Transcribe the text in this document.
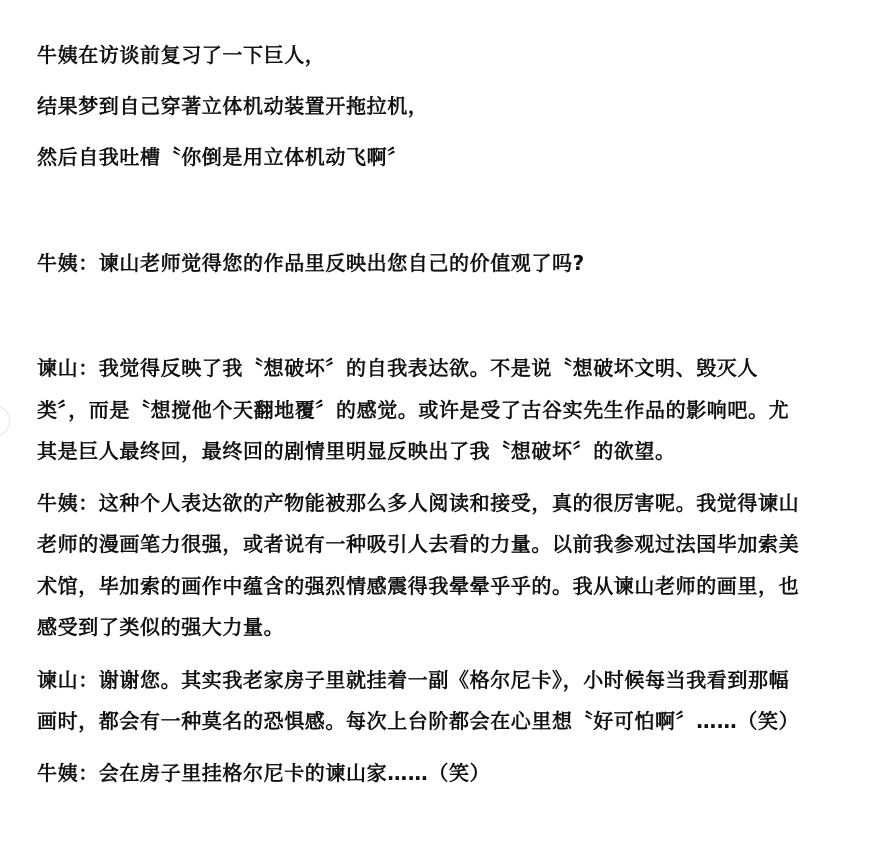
牛姨在访谈前复习了一下巨人，
结果梦到自己穿著立体机动装置开拖拉机，
然后自我吐槽〝你倒是用立体机动飞啊〞
牛姨：谏山老师觉得您的作品里反映出您自己的价值观了吗?
谏山：我觉得反映了我〝想破坏〞的自我表达欲。不是说〝想破坏文明、毁灭人
类〞，而是〝想搅他个天翻地覆〞的感觉。或许是受了古谷实先生作品的影响吧。尤
其是巨人最终回，最终回的剧情里明显反映出了我〝想破坏〞的欲望。
牛姨：这种个人表达欲的产物能被那么多人阅读和接受，真的很厉害呢。我觉得谏山
老师的漫画笔力很强，或者说有一种吸引人去看的力量。以前我参观过法国毕加索美
术馆，毕加索的画作中蕴含的强烈情感震得我晕晕乎乎的。我从谏山老师的画里，也
感受到了类似的强大力量。
谏山：谢谢您。其实我老家房子里就挂着一副《格尔尼卡》，小时候每当我看到那幅
画时，都会有一种莫名的恐惧感。每次上台阶都会在心里想〝好可怕啊〞……（笑）
牛姨：会在房子里挂格尔尼卡的谏山家……（笑）
